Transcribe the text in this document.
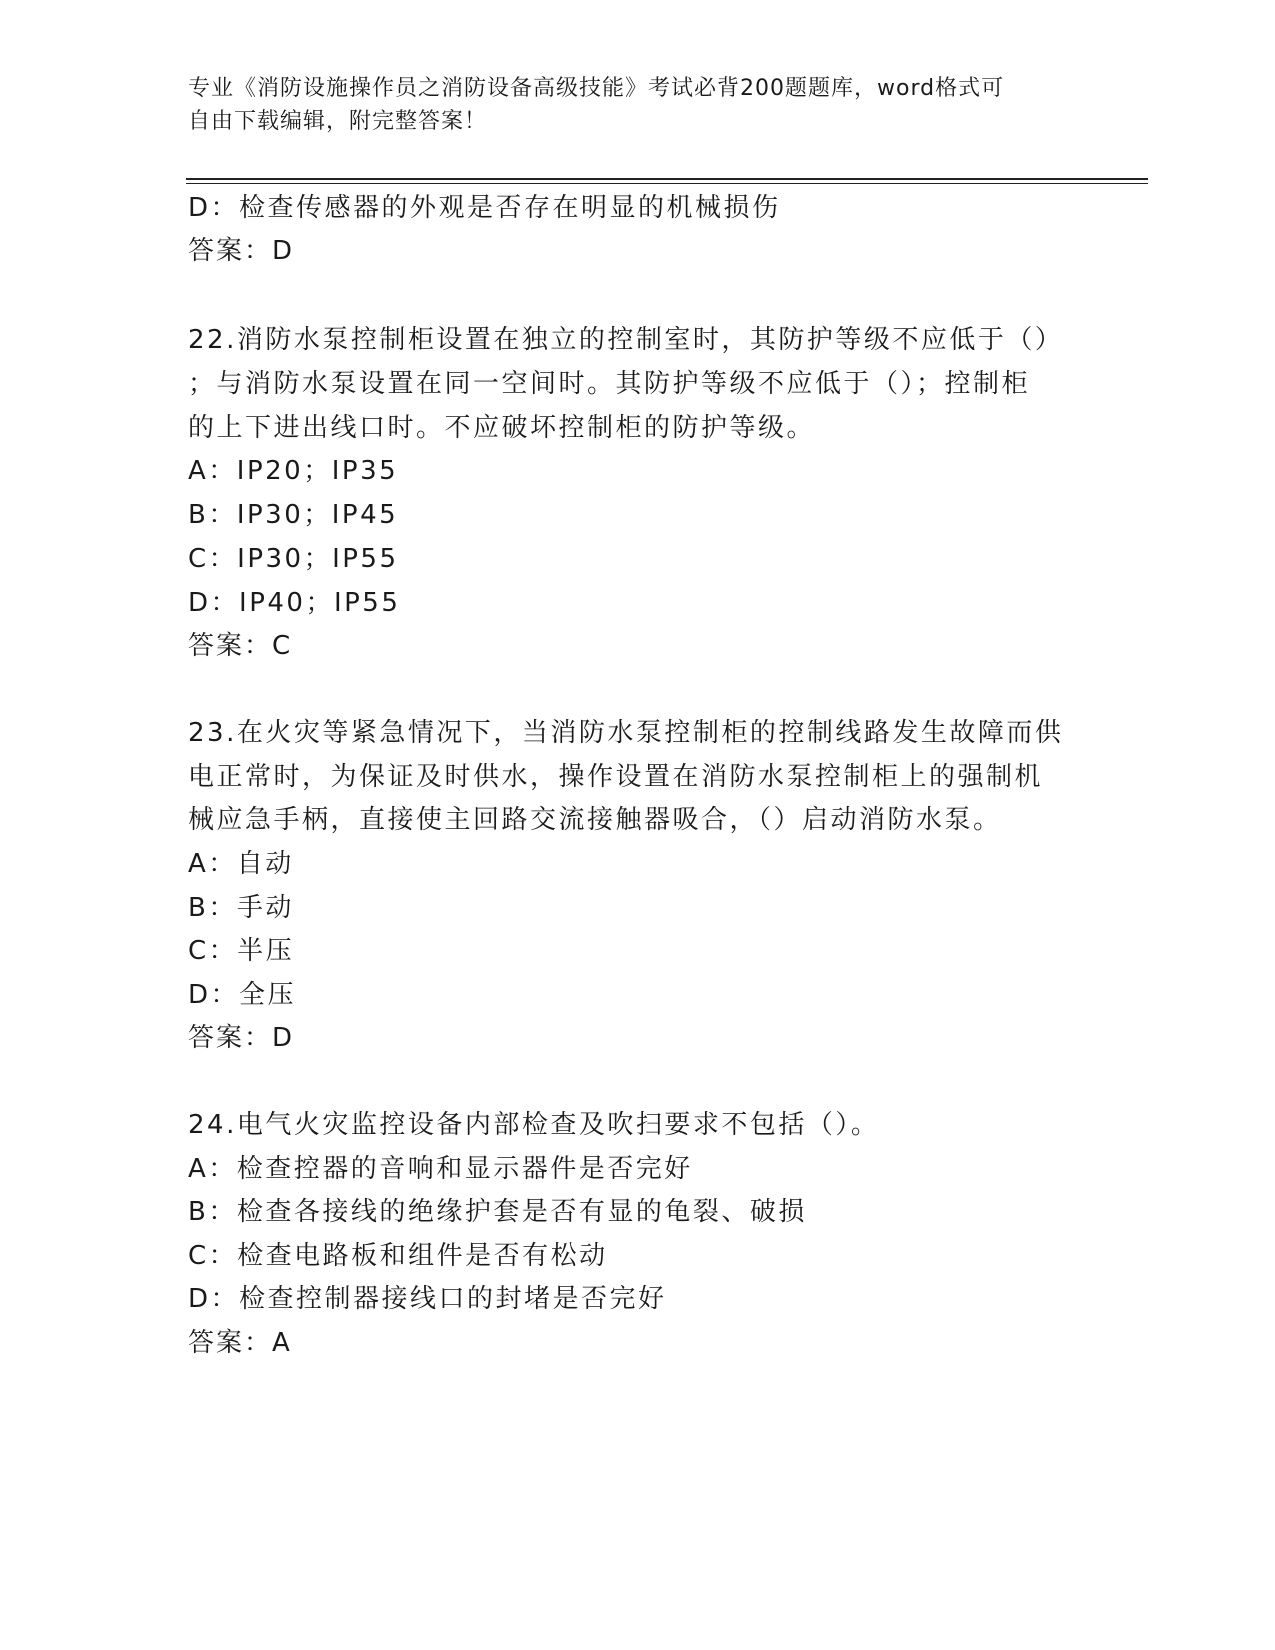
专业《消防设施操作员之消防设备高级技能》考试必背200题题库，word格式可
自由下载编辑，附完整答案！
D：检查传感器的外观是否存在明显的机械损伤
答案：D
22.消防水泵控制柜设置在独立的控制室时，其防护等级不应低于（）
；与消防水泵设置在同一空间时。其防护等级不应低于（）；控制柜
的上下进出线口时。不应破坏控制柜的防护等级。
A：IP20；IP35
B：IP30；IP45
C：IP30；IP55
D：IP40；IP55
答案：C
23.在火灾等紧急情况下，当消防水泵控制柜的控制线路发生故障而供
电正常时，为保证及时供水，操作设置在消防水泵控制柜上的强制机
械应急手柄，直接使主回路交流接触器吸合，（）启动消防水泵。
A：自动
B：手动
C：半压
D：全压
答案：D
24.电气火灾监控设备内部检查及吹扫要求不包括（）。
A：检查控器的音响和显示器件是否完好
B：检查各接线的绝缘护套是否有显的龟裂、破损
C：检查电路板和组件是否有松动
D：检查控制器接线口的封堵是否完好
答案：A
